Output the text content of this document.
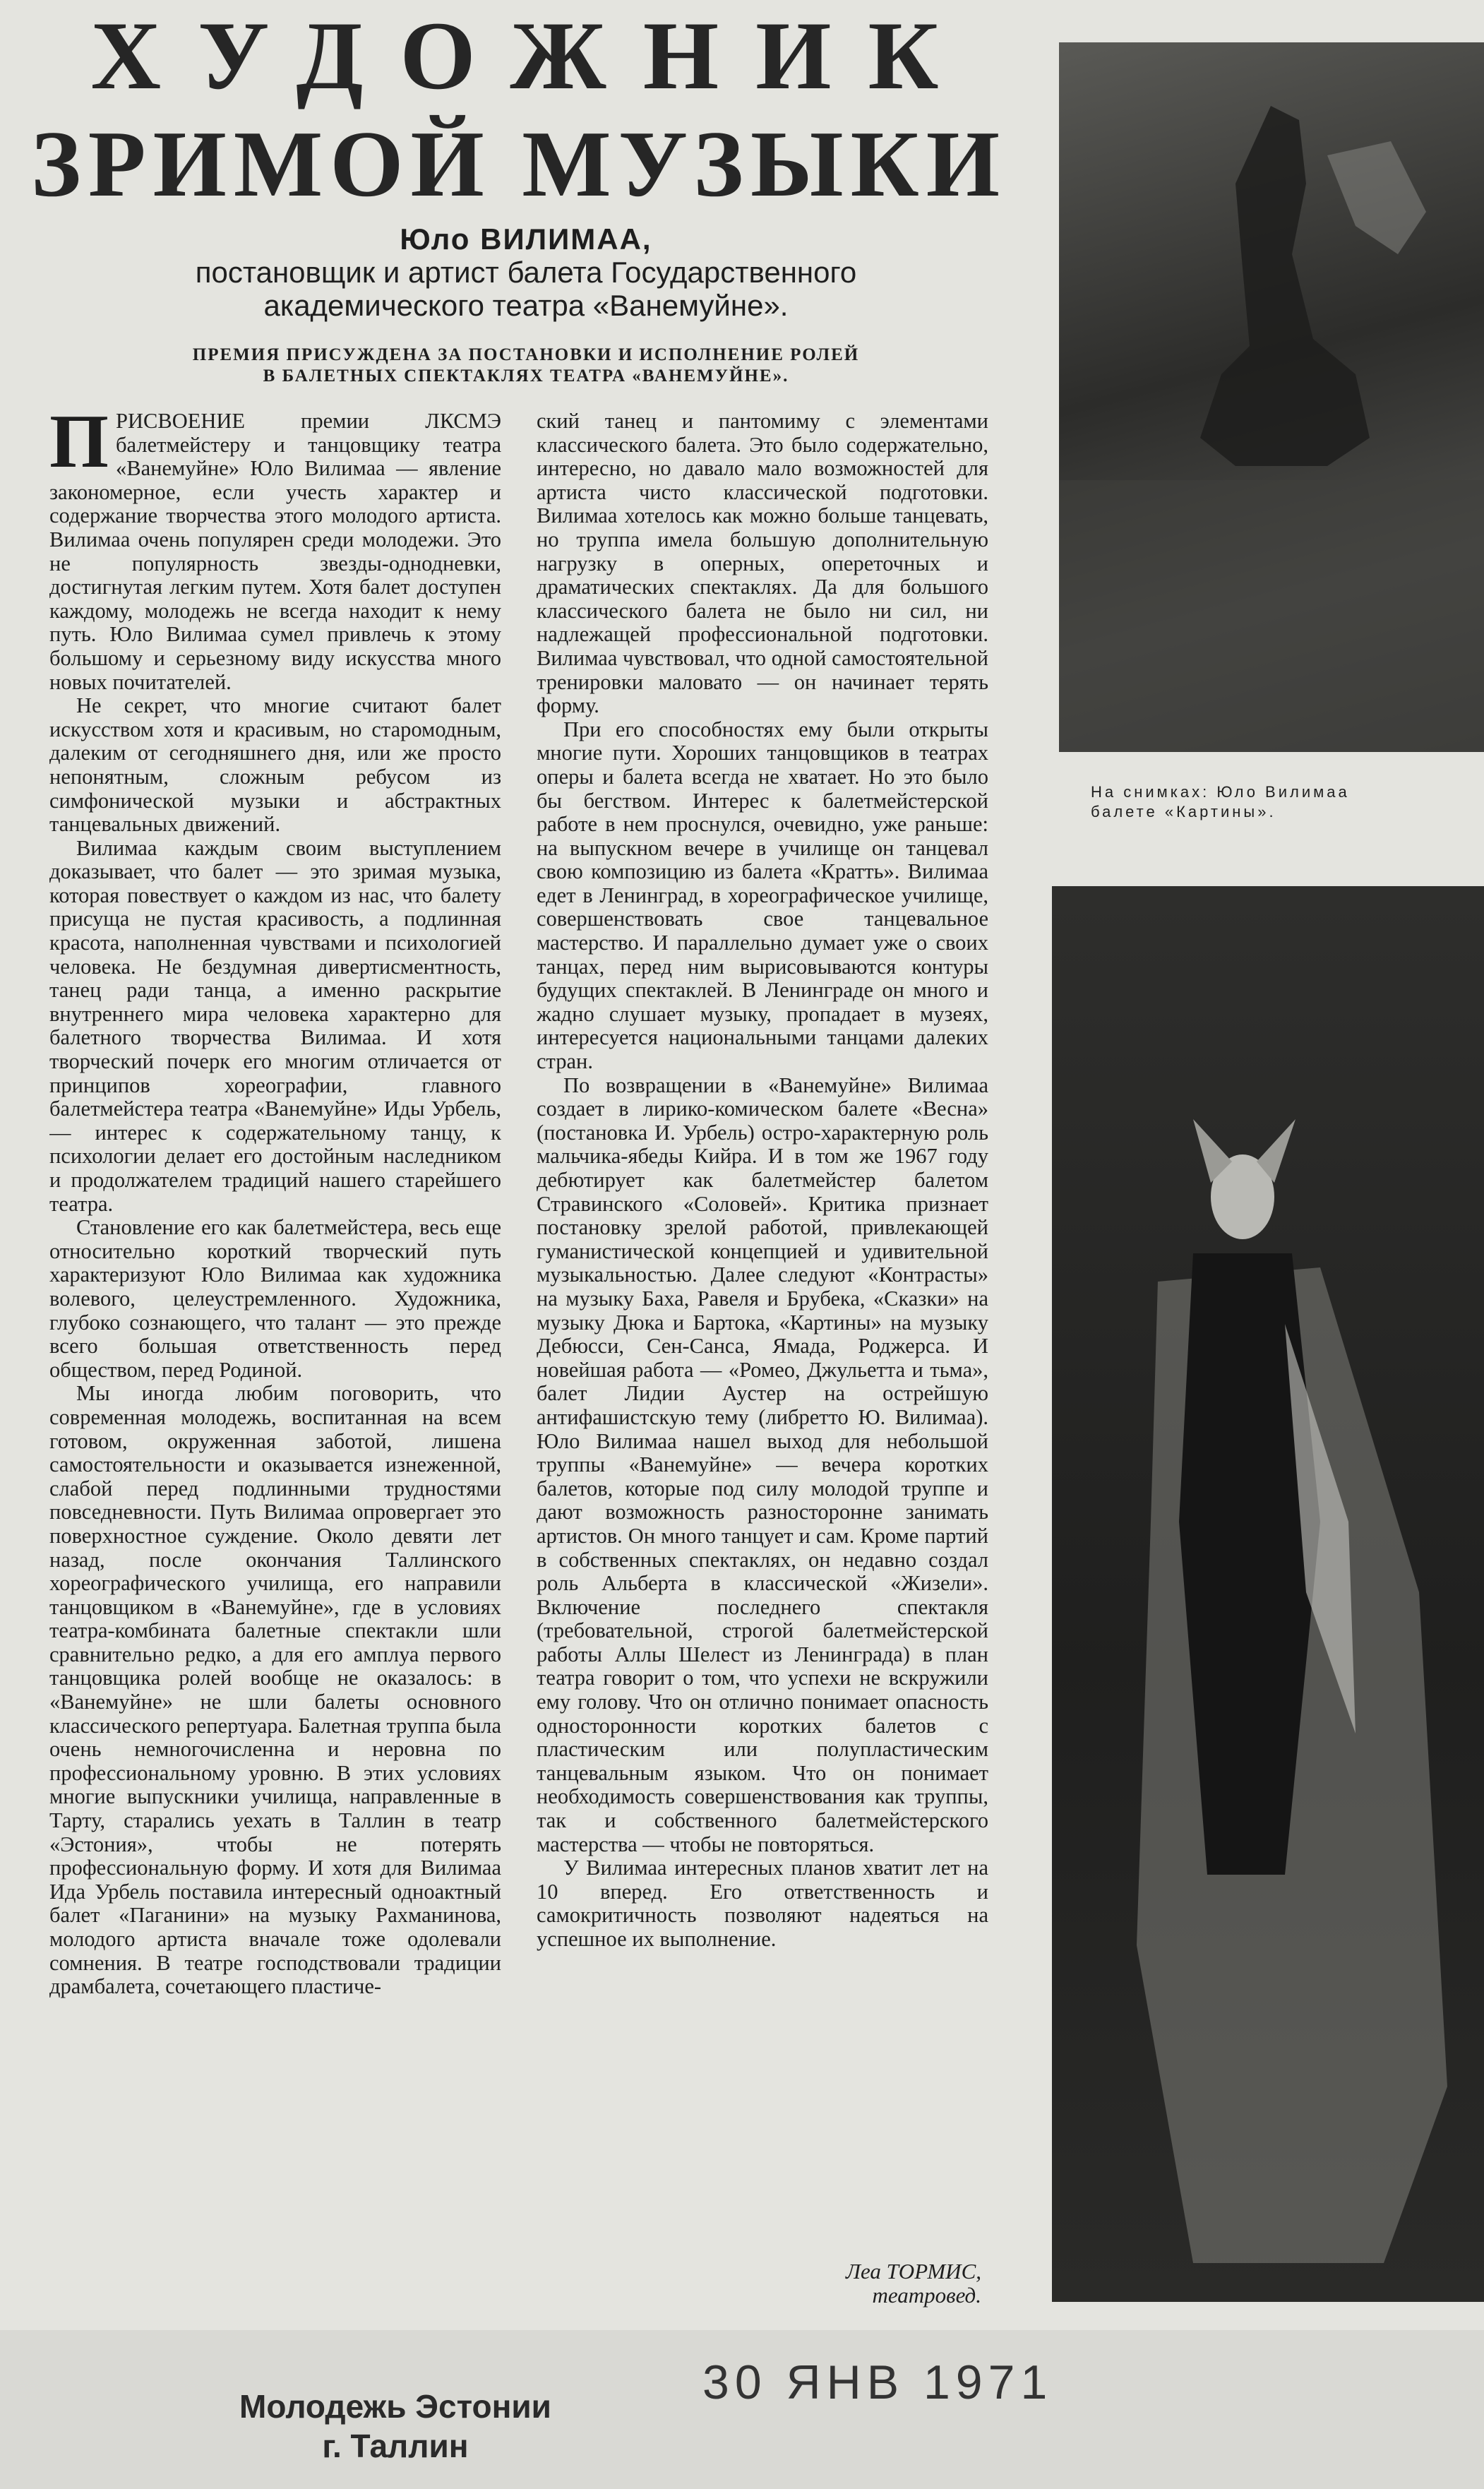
ХУДОЖНИК
ЗРИМОЙ МУЗЫКИ
Юло ВИЛИМАА,
постановщик и артист балета Государственного
академического театра «Ванемуйне».
ПРЕМИЯ ПРИСУЖДЕНА ЗА ПОСТАНОВКИ И ИСПОЛНЕНИЕ РОЛЕЙ
В БАЛЕТНЫХ СПЕКТАКЛЯХ ТЕАТРА «ВАНЕМУЙНЕ».

ПРИСВОЕНИЕ премии ЛКСМЭ балетмейстеру и танцовщику театра «Ванемуйне» Юло Вилимаа — явление закономерное, если учесть характер и содержание творчества этого молодого артиста. Вилимаа очень популярен среди молодежи. Это не популярность звезды-однодневки, достигнутая легким путем. Хотя балет доступен каждому, молодежь не всегда находит к нему путь. Юло Вилимаа сумел привлечь к этому большому и серьезному виду искусства много новых почитателей.

Не секрет, что многие считают балет искусством хотя и красивым, но старомодным, далеким от сегодняшнего дня, или же просто непонятным, сложным ребусом из симфонической музыки и абстрактных танцевальных движений.

Вилимаа каждым своим выступлением доказывает, что балет — это зримая музыка, которая повествует о каждом из нас, что балету присуща не пустая красивость, а подлинная красота, наполненная чувствами и психологией человека. Не бездумная дивертисментность, танец ради танца, а именно раскрытие внутреннего мира человека характерно для балетного творчества Вилимаа. И хотя творческий почерк его многим отличается от принципов хореографии, главного балетмейстера театра «Ванемуйне» Иды Урбель, — интерес к содержательному танцу, к психологии делает его достойным наследником и продолжателем традиций нашего старейшего театра.

Становление его как балетмейстера, весь еще относительно короткий творческий путь характеризуют Юло Вилимаа как художника волевого, целеустремленного. Художника, глубоко сознающего, что талант — это прежде всего большая ответственность перед обществом, перед Родиной.

Мы иногда любим поговорить, что современная молодежь, воспитанная на всем готовом, окруженная заботой, лишена самостоятельности и оказывается изнеженной, слабой перед подлинными трудностями повседневности. Путь Вилимаа опровергает это поверхностное суждение. Около девяти лет назад, после окончания Таллинского хореографического училища, его направили танцовщиком в «Ванемуйне», где в условиях театра-комбината балетные спектакли шли сравнительно редко, а для его амплуа первого танцовщика ролей вообще не оказалось: в «Ванемуйне» не шли балеты основного классического репертуара. Балетная труппа была очень немногочисленна и неровна по профессиональному уровню. В этих условиях многие выпускники училища, направленные в Тарту, старались уехать в Таллин в театр «Эстония», чтобы не потерять профессиональную форму. И хотя для Вилимаа Ида Урбель поставила интересный одноактный балет «Паганини» на музыку Рахманинова, молодого артиста вначале тоже одолевали сомнения. В театре господствовали традиции драмбалета, сочетающего пластиче-

ский танец и пантомиму с элементами классического балета. Это было содержательно, интересно, но давало мало возможностей для артиста чисто классической подготовки. Вилимаа хотелось как можно больше танцевать, но труппа имела большую дополнительную нагрузку в оперных, опереточных и драматических спектаклях. Да для большого классического балета не было ни сил, ни надлежащей профессиональной подготовки. Вилимаа чувствовал, что одной самостоятельной тренировки маловато — он начинает терять форму.

При его способностях ему были открыты многие пути. Хороших танцовщиков в театрах оперы и балета всегда не хватает. Но это было бы бегством. Интерес к балетмейстерской работе в нем проснулся, очевидно, уже раньше: на выпускном вечере в училище он танцевал свою композицию из балета «Кратть». Вилимаа едет в Ленинград, в хореографическое училище, совершенствовать свое танцевальное мастерство. И параллельно думает уже о своих танцах, перед ним вырисовываются контуры будущих спектаклей. В Ленинграде он много и жадно слушает музыку, пропадает в музеях, интересуется национальными танцами далеких стран.

По возвращении в «Ванемуйне» Вилимаа создает в лирико-комическом балете «Весна» (постановка И. Урбель) остро-характерную роль мальчика-ябеды Кийра. И в том же 1967 году дебютирует как балетмейстер балетом Стравинского «Соловей». Критика признает постановку зрелой работой, привлекающей гуманистической концепцией и удивительной музыкальностью. Далее следуют «Контрасты» на музыку Баха, Равеля и Брубека, «Сказки» на музыку Дюка и Бартока, «Картины» на музыку Дебюсси, Сен-Санса, Ямада, Роджерса. И новейшая работа — «Ромео, Джульетта и тьма», балет Лидии Аустер на острейшую антифашистскую тему (либретто Ю. Вилимаа). Юло Вилимаа нашел выход для небольшой труппы «Ванемуйне» — вечера коротких балетов, которые под силу молодой труппе и дают возможность разносторонне занимать артистов. Он много танцует и сам. Кроме партий в собственных спектаклях, он недавно создал роль Альберта в классической «Жизели». Включение последнего спектакля (требовательной, строгой балетмейстерской работы Аллы Шелест из Ленинграда) в план театра говорит о том, что успехи не вскружили ему голову. Что он отлично понимает опасность односторонности коротких балетов с пластическим или полупластическим танцевальным языком. Что он понимает необходимость совершенствования как труппы, так и собственного балетмейстерского мастерства — чтобы не повторяться.

У Вилимаа интересных планов хватит лет на 10 вперед. Его ответственность и самокритичность позволяют надеяться на успешное их выполнение.

Леа ТОРМИС,
театровед.
На снимках: Юло Вилимаа
балете «Картины».
Молодежь Эстонии
г. Таллин
30 ЯНВ 1971
